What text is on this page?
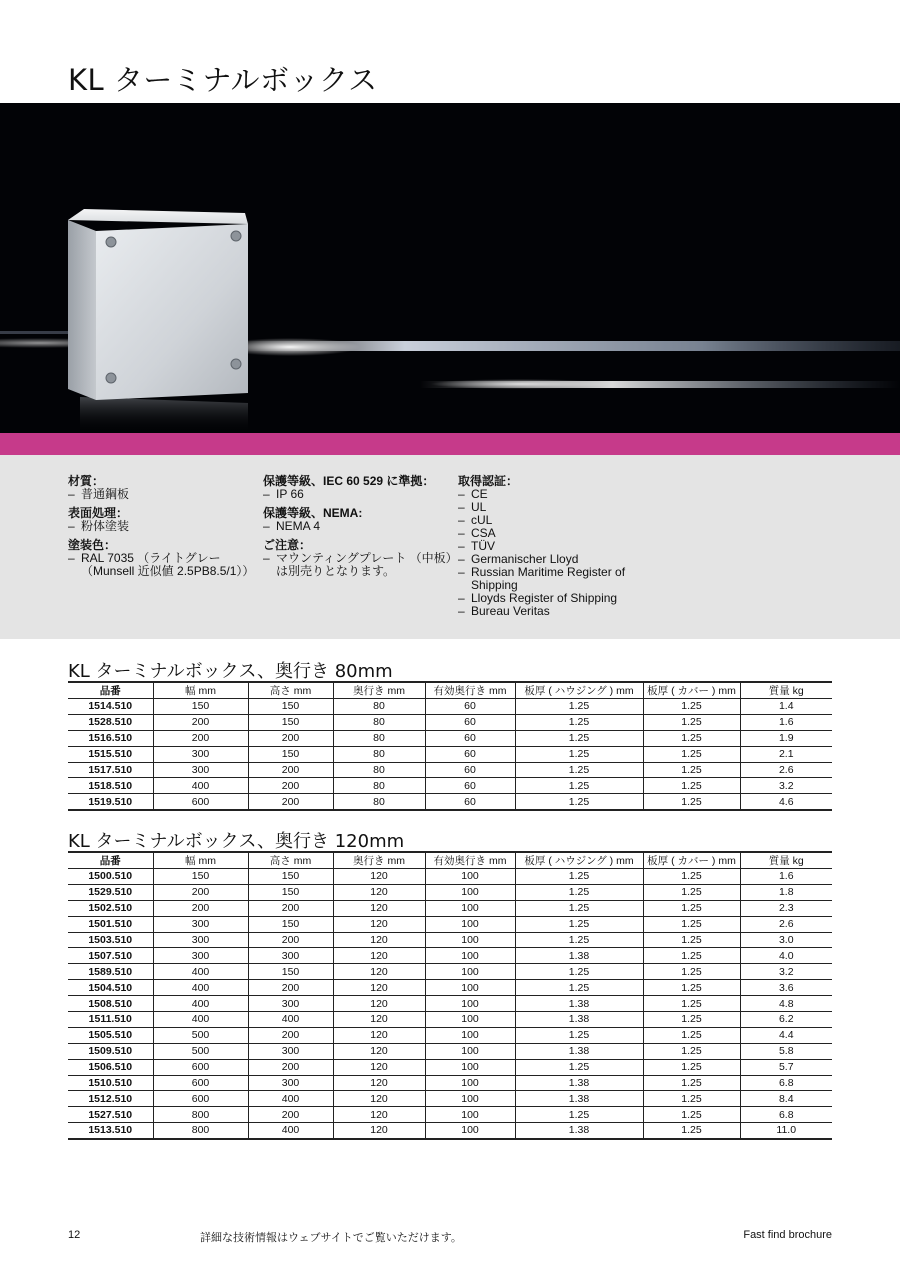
KL ターミナルボックス
材質：
– 普通鋼板
表面処理：
– 粉体塗装
塗装色：
– RAL 7035 （ライトグレー （Munsell 近似値 2.5PB8.5/1））
保護等級、IEC 60 529 に準拠：
– IP 66
保護等級、NEMA:
– NEMA 4
ご注意：
– マウンティングプレート （中板）は別売りとなります。
取得認証：
– CE
– UL
– cUL
– CSA
– TÜV
– Germanischer Lloyd
– Russian Maritime Register of Shipping
– Lloyds Register of Shipping
– Bureau Veritas
KL ターミナルボックス、奥行き 80mm
品番	幅 mm	高さ mm	奥行き mm	有効奥行き mm	板厚 ( ハウジング ) mm	板厚 ( カバー ) mm	質量 kg
1514.510	150	150	80	60	1.25	1.25	1.4
1528.510	200	150	80	60	1.25	1.25	1.6
1516.510	200	200	80	60	1.25	1.25	1.9
1515.510	300	150	80	60	1.25	1.25	2.1
1517.510	300	200	80	60	1.25	1.25	2.6
1518.510	400	200	80	60	1.25	1.25	3.2
1519.510	600	200	80	60	1.25	1.25	4.6
KL ターミナルボックス、奥行き 120mm
品番	幅 mm	高さ mm	奥行き mm	有効奥行き mm	板厚 ( ハウジング ) mm	板厚 ( カバー ) mm	質量 kg
1500.510	150	150	120	100	1.25	1.25	1.6
1529.510	200	150	120	100	1.25	1.25	1.8
1502.510	200	200	120	100	1.25	1.25	2.3
1501.510	300	150	120	100	1.25	1.25	2.6
1503.510	300	200	120	100	1.25	1.25	3.0
1507.510	300	300	120	100	1.38	1.25	4.0
1589.510	400	150	120	100	1.25	1.25	3.2
1504.510	400	200	120	100	1.25	1.25	3.6
1508.510	400	300	120	100	1.38	1.25	4.8
1511.510	400	400	120	100	1.38	1.25	6.2
1505.510	500	200	120	100	1.25	1.25	4.4
1509.510	500	300	120	100	1.38	1.25	5.8
1506.510	600	200	120	100	1.25	1.25	5.7
1510.510	600	300	120	100	1.38	1.25	6.8
1512.510	600	400	120	100	1.38	1.25	8.4
1527.510	800	200	120	100	1.25	1.25	6.8
1513.510	800	400	120	100	1.38	1.25	11.0
12	詳細な技術情報はウェブサイトでご覧いただけます。	Fast find brochure
